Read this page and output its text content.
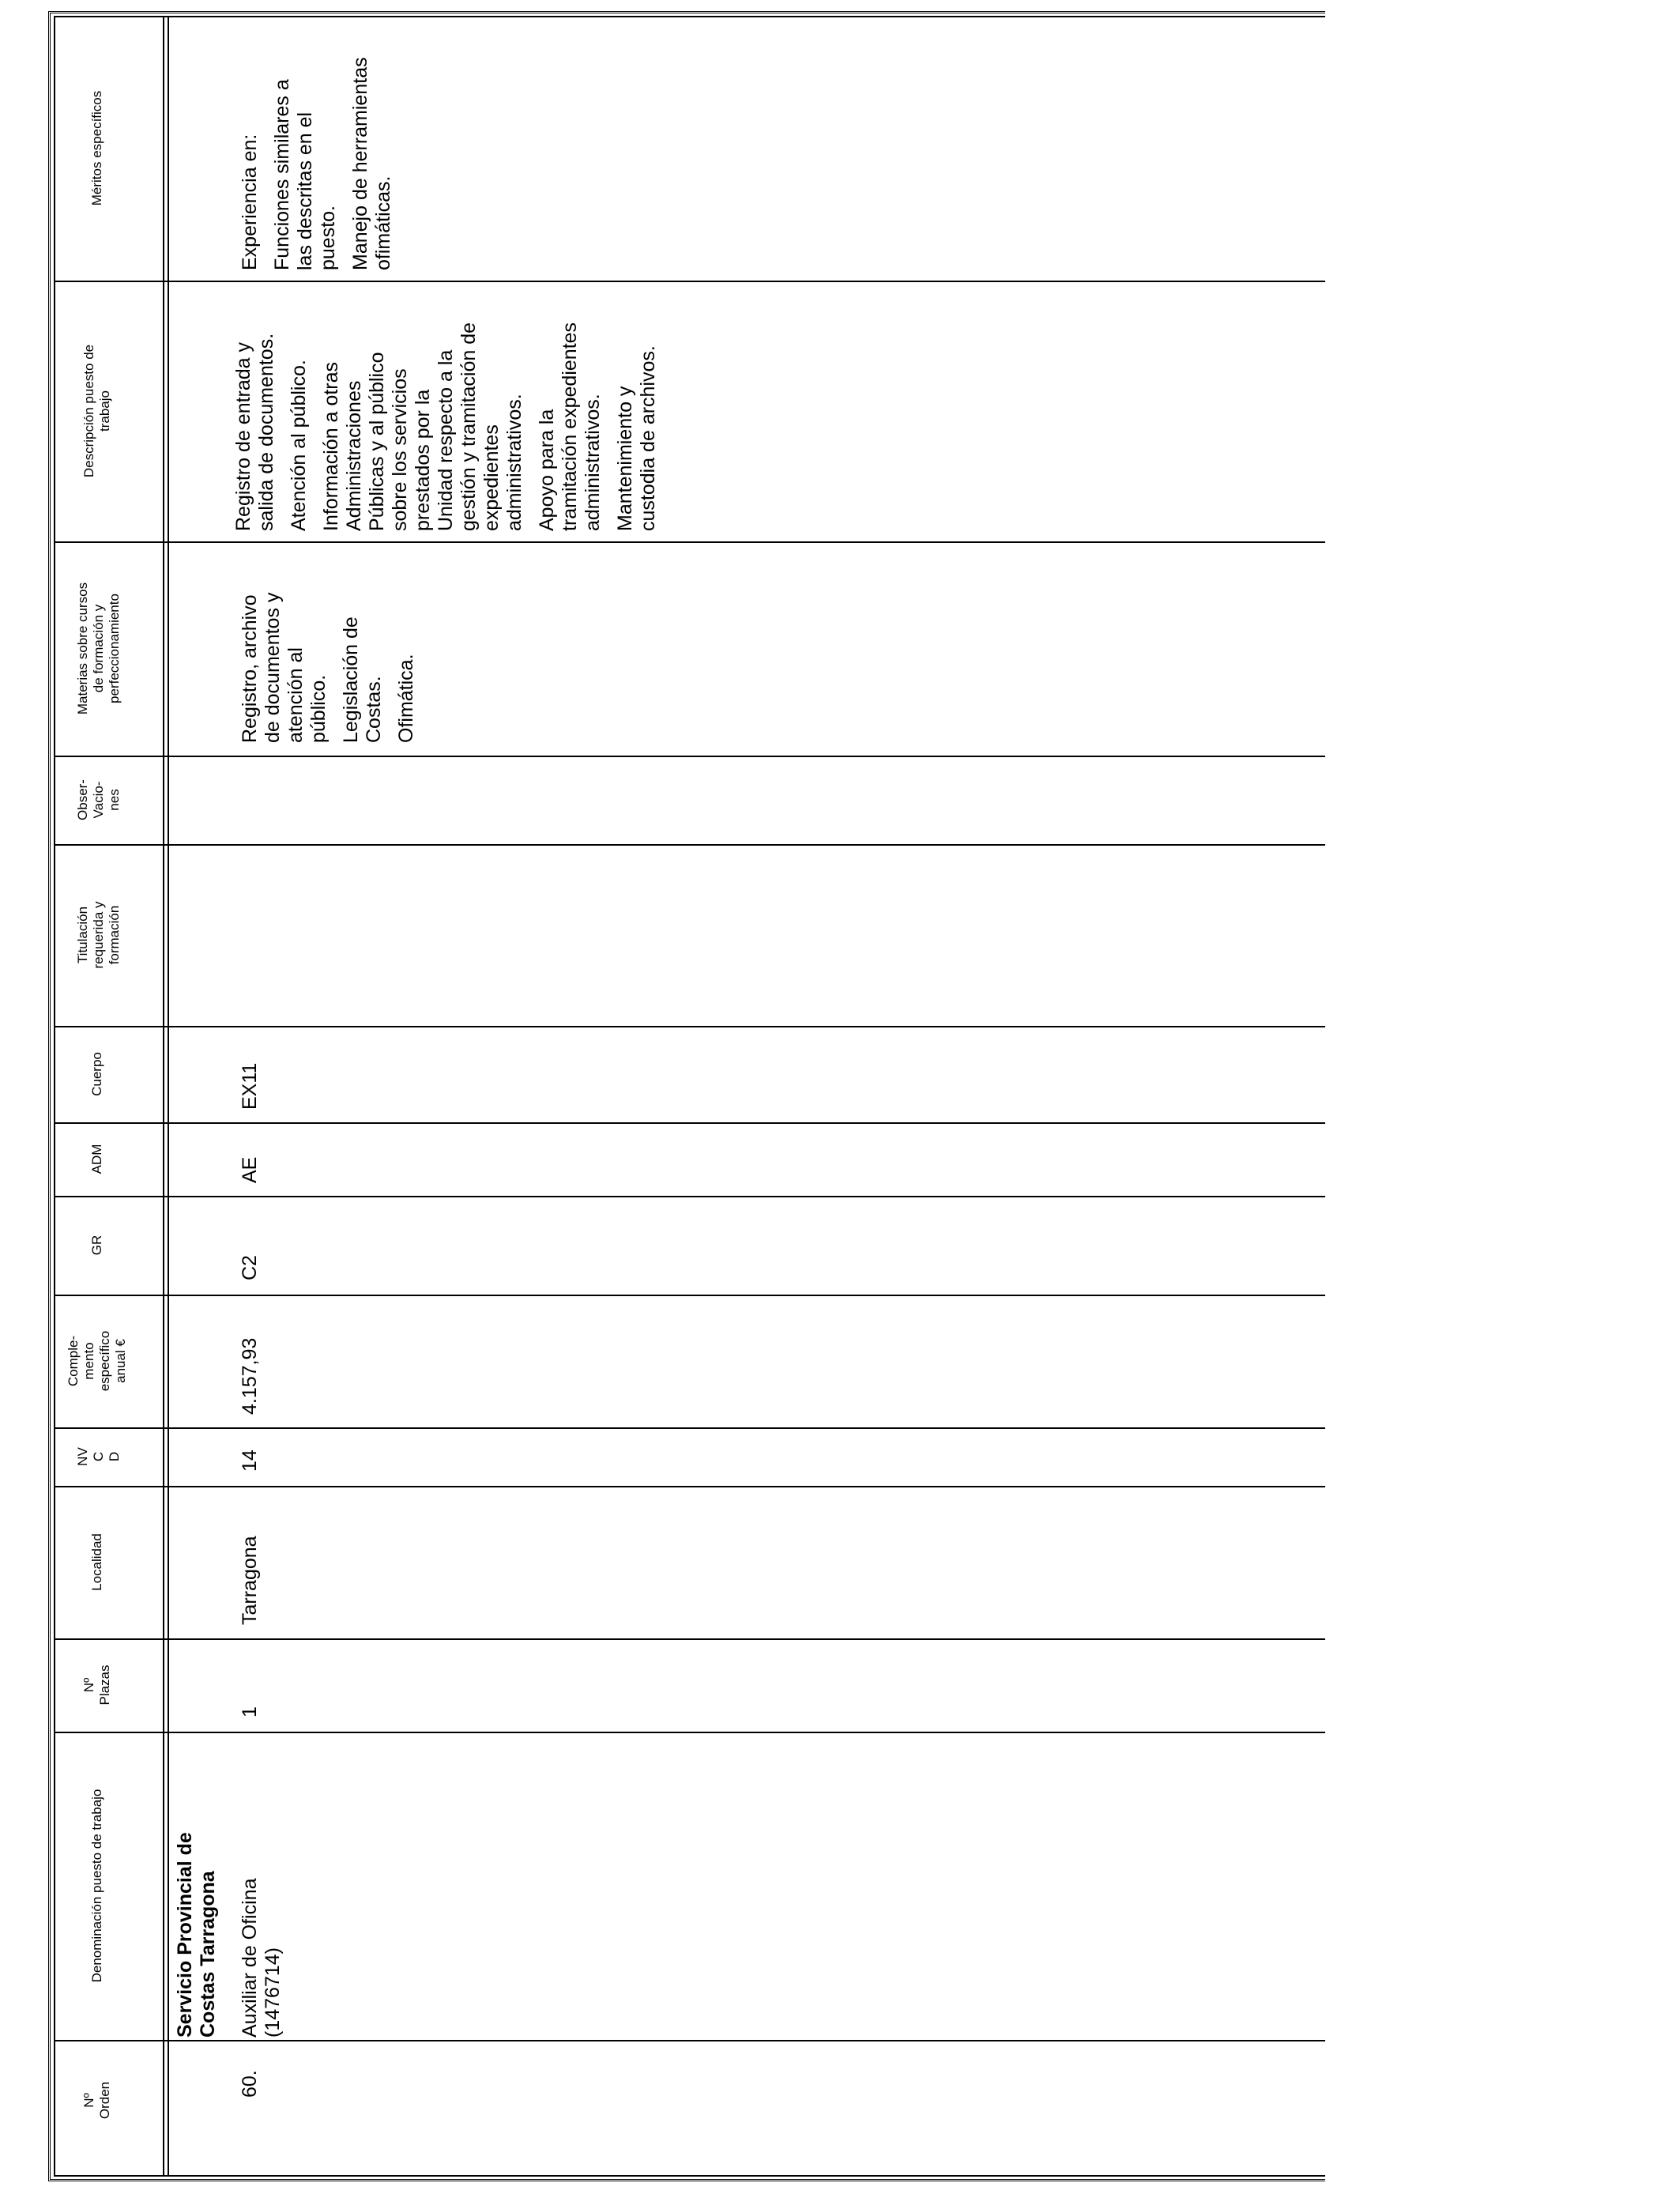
Nº Orden
Denominación puesto de trabajo
Nº Plazas
Localidad
NV C D
Comple- mento específico anual €
GR
ADM
Cuerpo
Titulación requerida y formación
Obser- Vacio- nes
Materias sobre cursos de formación y perfeccionamiento
Descripción puesto de trabajo
Méritos específicos
60.
Servicio Provincial de Costas Tarragona Auxiliar de Oficina (1476714)
1
Tarragona
14
4.157,93
C2
AE
EX11
Registro, archivo de documentos y atención al público. Legislación de Costas. Ofimática.
Registro de entrada y salida de documentos. Atención al público. Información a otras Administraciones Públicas y al público sobre los servicios prestados por la Unidad respecto a la gestión y tramitación de expedientes administrativos. Apoyo para la tramitación expedientes administrativos. Mantenimiento y custodia de archivos.
Experiencia en: Funciones similares a las descritas en el puesto. Manejo de herramientas ofimáticas.
